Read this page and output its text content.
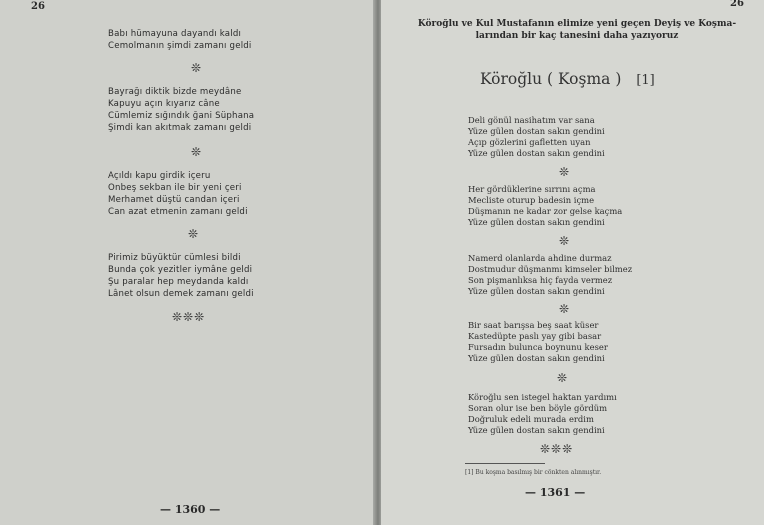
26
Babı hümayuna dayandı kaldı
Cemolmanın şimdi zamanı geldi
❊
Bayrağı diktik bizde meydâne
Kapuyu açın kıyarız câne
Cümlemiz sığındık ğani Süphana
Şimdi kan akıtmak zamanı geldi
❊
Açıldı kapu girdik içeru
Onbeş sekban ile bir yeni çeri
Merhamet düştü candan içeri
Can azat etmenin zamanı geldi
❊
Pirimiz büyüktür cümlesi bildi
Bunda çok yezitler iymâne geldi
Şu paralar hep meydanda kaldı
Lânet olsun demek zamanı geldi
❊❊❊
— 1360 —
26
Köroğlu ve Kul Mustafanın elimize yeni geçen Deyiş ve Koşma-
larından bir kaç tanesini daha yazıyoruz
Köroğlu ( Koşma ) [1]
Deli gönül nasihatım var sana
Yüze gülen dostan sakın gendini
Açıp gözlerini gafletten uyan
Yüze gülen dostan sakın gendini
❊
Her gördüklerine sırrını açma
Mecliste oturup badesin içme
Düşmanın ne kadar zor gelse kaçma
Yüze gülen dostan sakın gendini
❊
Namerd olanlarda ahdine durmaz
Dostmudur düşmanmı kimseler bilmez
Son pişmanlıksa hiç fayda vermez
Yüze gülen dostan sakın gendini
❊
Bir saat barışsa beş saat küser
Kastedüpte paslı yay gibi basar
Fursadın bulunca boynunu keser
Yüze gülen dostan sakın gendini
❊
Köroğlu sen istegel haktan yardımı
Soran olur ise ben böyle gördüm
Doğruluk edeli murada erdim
Yüze gülen dostan sakın gendini
❊❊❊
[1] Bu koşma basılmış bir cönkten alınmıştır.
— 1361 —
